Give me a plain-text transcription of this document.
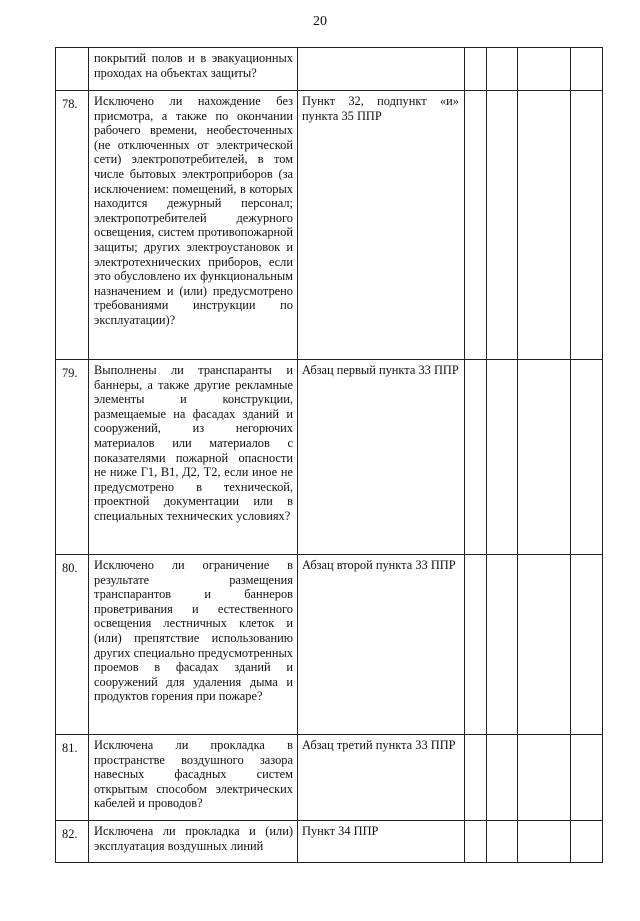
20
	покрытий полов и в эвакуационных проходах на объектах защиты?					
78.	Исключено ли нахождение без присмотра, а также по окончании рабочего времени, необесточенных (не отключенных от электрической сети) электропотребителей, в том числе бытовых электроприборов (за исключением: помещений, в которых находится дежурный персонал; электропотребителей дежурного освещения, систем противопожарной защиты; других электроустановок и электротехнических приборов, если это обусловлено их функциональным назначением и (или) предусмотрено требованиями инструкции по эксплуатации)?	Пункт 32, подпункт «и» пункта 35 ППР				
79.	Выполнены ли транспаранты и баннеры, а также другие рекламные элементы и конструкции, размещаемые на фасадах зданий и сооружений, из негорючих материалов или материалов с показателями пожарной опасности не ниже Г1, В1, Д2, Т2, если иное не предусмотрено в технической, проектной документации или в специальных технических условиях?	Абзац первый пункта 33 ППР				
80.	Исключено ли ограничение в результате размещения транспарантов и баннеров проветривания и естественного освещения лестничных клеток и (или) препятствие использованию других специально предусмотренных проемов в фасадах зданий и сооружений для удаления дыма и продуктов горения при пожаре?	Абзац второй пункта 33 ППР				
81.	Исключена ли прокладка в пространстве воздушного зазора навесных фасадных систем открытым способом электрических кабелей и проводов?	Абзац третий пункта 33 ППР				
82.	Исключена ли прокладка и (или) эксплуатация воздушных линий	Пункт 34 ППР				
